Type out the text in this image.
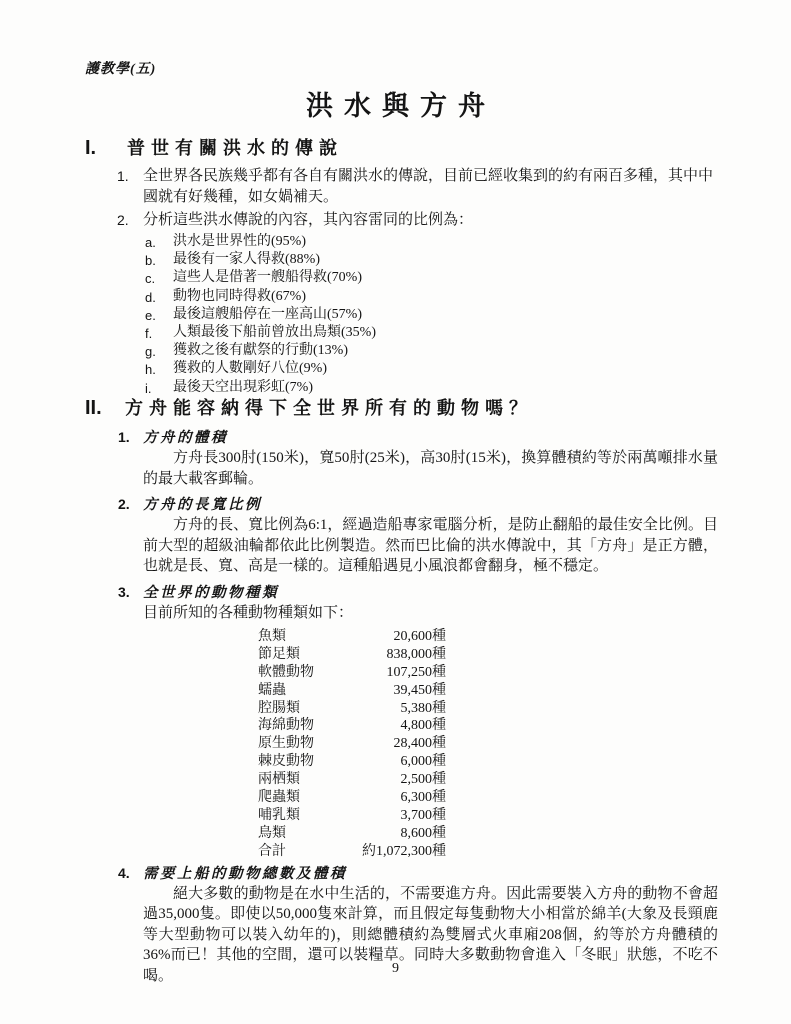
護教學(五)
洪水與方舟
I.	普世有關洪水的傳說
1. 全世界各民族幾乎都有各自有關洪水的傳說，目前已經收集到的約有兩百多種，其中中國就有好幾種，如女媧補天。
2. 分析這些洪水傳說的內容，其內容雷同的比例為：
a.	洪水是世界性的(95%)
b.	最後有一家人得救(88%)
c.	這些人是借著一艘船得救(70%)
d.	動物也同時得救(67%)
e.	最後這艘船停在一座高山(57%)
f.	人類最後下船前曾放出鳥類(35%)
g.	獲救之後有獻祭的行動(13%)
h.	獲救的人數剛好八位(9%)
i.	最後天空出現彩虹(7%)
II.	方舟能容納得下全世界所有的動物嗎？
1. 方舟的體積
方舟長300肘(150米)，寬50肘(25米)，高30肘(15米)，換算體積約等於兩萬噸排水量的最大載客郵輪。
2. 方舟的長寬比例
方舟的長、寬比例為6:1，經過造船專家電腦分析，是防止翻船的最佳安全比例。目前大型的超級油輪都依此比例製造。然而巴比倫的洪水傳說中，其「方舟」是正方體，也就是長、寬、高是一樣的。這種船遇見小風浪都會翻身，極不穩定。
3. 全世界的動物種類
目前所知的各種動物種類如下：
魚類	20,600種
節足類	838,000種
軟體動物	107,250種
蠕蟲	39,450種
腔腸類	5,380種
海綿動物	4,800種
原生動物	28,400種
棘皮動物	6,000種
兩栖類	2,500種
爬蟲類	6,300種
哺乳類	3,700種
鳥類	8,600種
合計	約1,072,300種
4. 需要上船的動物總數及體積
絕大多數的動物是在水中生活的，不需要進方舟。因此需要裝入方舟的動物不會超過35,000隻。即使以50,000隻來計算，而且假定每隻動物大小相當於綿羊(大象及長頸鹿等大型動物可以裝入幼年的)，則總體積約為雙層式火車廂208個，約等於方舟體積的36%而已！其他的空間，還可以裝糧草。同時大多數動物會進入「冬眠」狀態，不吃不喝。	9
